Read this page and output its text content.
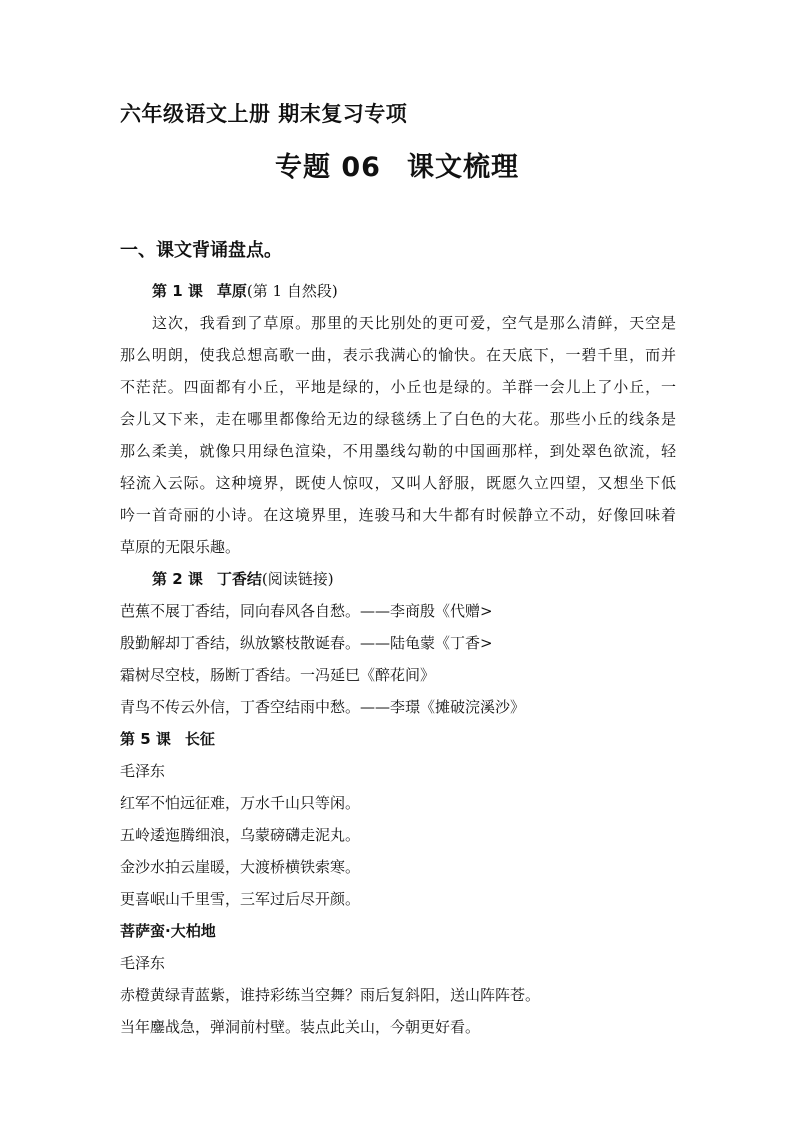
六年级语文上册 期末复习专项
专题 06 课文梳理
一、课文背诵盘点。
第 1 课 草原(第 1 自然段)
这次，我看到了草原。那里的天比别处的更可爱，空气是那么清鲜，天空是
那么明朗，使我总想高歌一曲，表示我满心的愉快。在天底下，一碧千里，而并
不茫茫。四面都有小丘，平地是绿的，小丘也是绿的。羊群一会儿上了小丘，一
会儿又下来，走在哪里都像给无边的绿毯绣上了白色的大花。那些小丘的线条是
那么柔美，就像只用绿色渲染，不用墨线勾勒的中国画那样，到处翠色欲流，轻
轻流入云际。这种境界，既使人惊叹，又叫人舒服，既愿久立四望，又想坐下低
吟一首奇丽的小诗。在这境界里，连骏马和大牛都有时候静立不动，好像回味着
草原的无限乐趣。
第 2 课 丁香结(阅读链接)
芭蕉不展丁香结，同向春风各自愁。——李商殷《代赠>
殷勤解却丁香结，纵放繁枝散诞春。——陆龟蒙《丁香>
霜树尽空枝，肠断丁香结。一冯延巳《醉花间》
青鸟不传云外信，丁香空结雨中愁。——李璟《摊破浣溪沙》
第 5 课 长征
毛泽东
红军不怕远征难，万水千山只等闲。
五岭逶迤腾细浪，乌蒙磅礴走泥丸。
金沙水拍云崖暖，大渡桥横铁索寒。
更喜岷山千里雪，三军过后尽开颜。
菩萨蛮·大柏地
毛泽东
赤橙黄绿青蓝紫，谁持彩练当空舞？雨后复斜阳，送山阵阵苍。
当年鏖战急，弹洞前村壁。装点此关山，今朝更好看。
